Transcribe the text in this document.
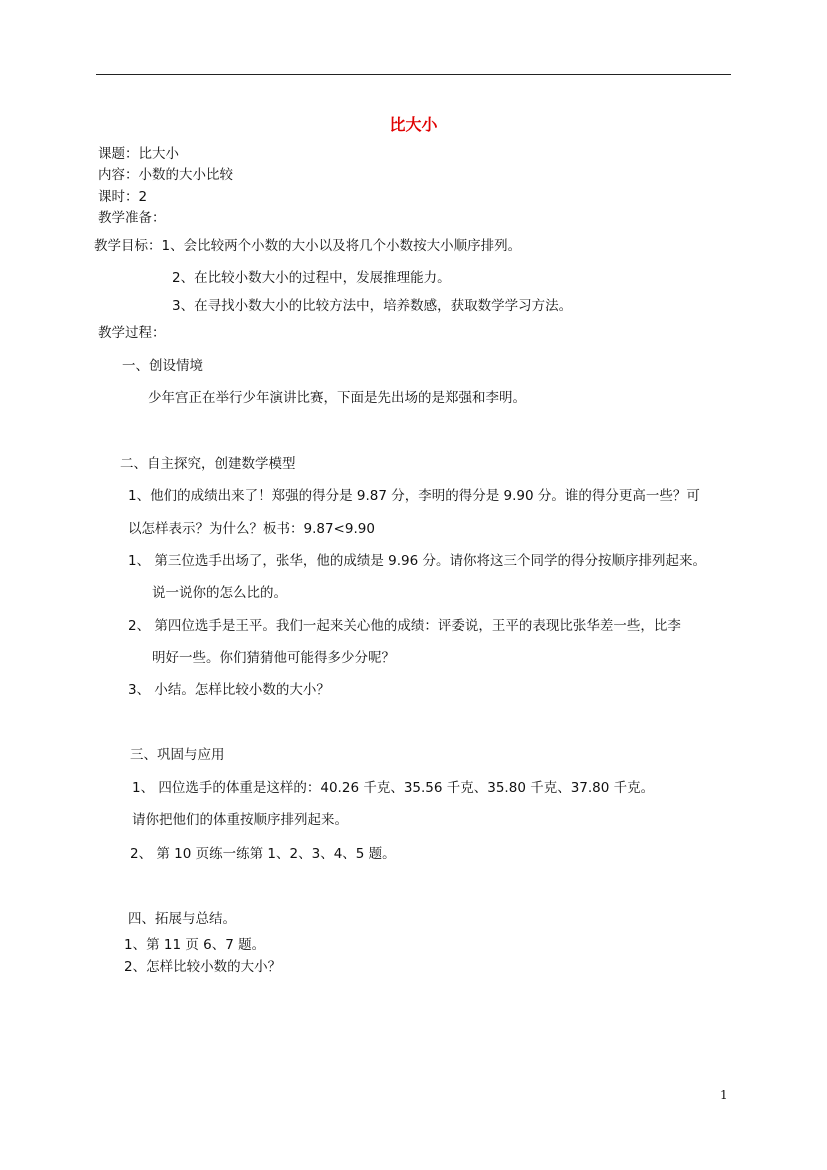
比大小
课题：比大小
内容：小数的大小比较
课时：2
教学准备：
教学目标：1、会比较两个小数的大小以及将几个小数按大小顺序排列。
2、在比较小数大小的过程中，发展推理能力。
3、在寻找小数大小的比较方法中，培养数感，获取数学学习方法。
教学过程：
一、创设情境
少年宫正在举行少年演讲比赛，下面是先出场的是郑强和李明。
二、自主探究，创建数学模型
1、他们的成绩出来了！郑强的得分是 9.87 分，李明的得分是 9.90 分。谁的得分更高一些？可
以怎样表示？为什么？板书：9.87<9.90
1、 第三位选手出场了，张华，他的成绩是 9.96 分。请你将这三个同学的得分按顺序排列起来。
说一说你的怎么比的。
2、 第四位选手是王平。我们一起来关心他的成绩：评委说，王平的表现比张华差一些，比李
明好一些。你们猜猜他可能得多少分呢？
3、 小结。怎样比较小数的大小？
三、巩固与应用
1、 四位选手的体重是这样的：40.26 千克、35.56 千克、35.80 千克、37.80 千克。
请你把他们的体重按顺序排列起来。
2、 第 10 页练一练第 1、2、3、4、5 题。
四、拓展与总结。
1、第 11 页 6、7 题。
2、怎样比较小数的大小？
1
